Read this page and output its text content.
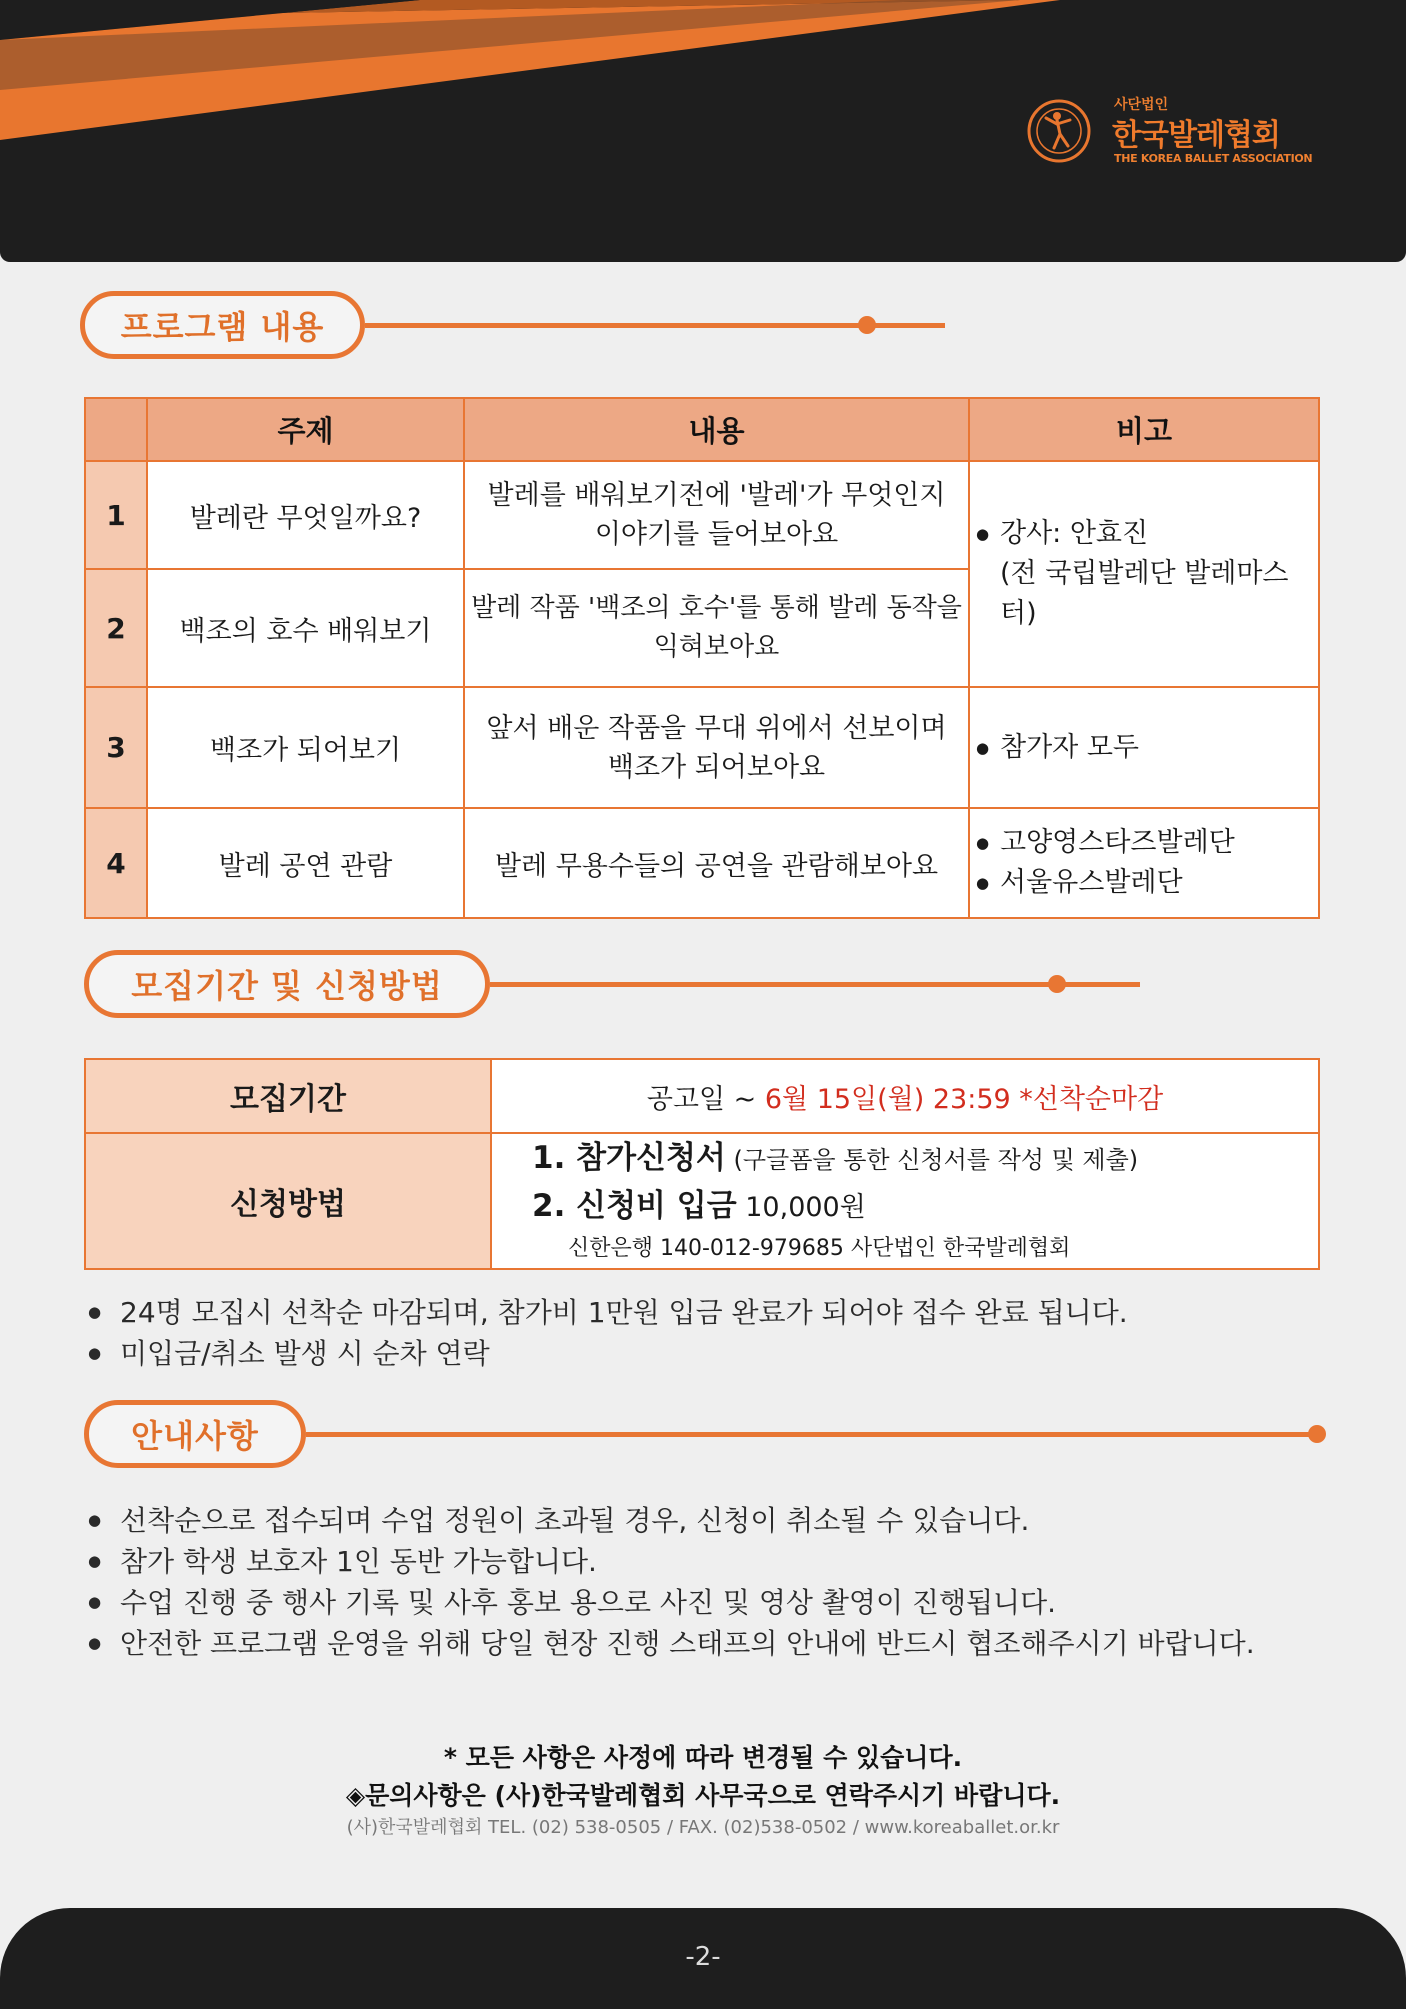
사단법인
한국발레협회
THE KOREA BALLET ASSOCIATION
프로그램 내용
	주제	내용	비고
1	발레란 무엇일까요?	발레를 배워보기전에 '발레'가 무엇인지
이야기를 들어보아요	● 강사: 안효진
(전 국립발레단 발레마스터)

2	백조의 호수 배워보기	발레 작품 '백조의 호수'를 통해 발레 동작을
익혀보아요	
3	백조가 되어보기	앞서 배운 작품을 무대 위에서 선보이며
백조가 되어보아요	● 참가자 모두

4	발레 공연 관람	발레 무용수들의 공연을 관람해보아요	● 고양영스타즈발레단
● 서울유스발레단
모집기간 및 신청방법
모집기간	공고일 ~ 6월 15일(월) 23:59 *선착순마감
신청방법	1. 참가신청서 (구글폼을 통한 신청서를 작성 및 제출)
2. 신청비 입금 10,000원
신한은행 140-012-979685 사단법인 한국발레협회
● 24명 모집시 선착순 마감되며, 참가비 1만원 입금 완료가 되어야 접수 완료 됩니다.
● 미입금/취소 발생 시 순차 연락
안내사항
● 선착순으로 접수되며 수업 정원이 초과될 경우, 신청이 취소될 수 있습니다.
● 참가 학생 보호자 1인 동반 가능합니다.
● 수업 진행 중 행사 기록 및 사후 홍보 용으로 사진 및 영상 촬영이 진행됩니다.
● 안전한 프로그램 운영을 위해 당일 현장 진행 스태프의 안내에 반드시 협조해주시기 바랍니다.
* 모든 사항은 사정에 따라 변경될 수 있습니다.
◈문의사항은 (사)한국발레협회 사무국으로 연락주시기 바랍니다.
(사)한국발레협회 TEL. (02) 538-0505 / FAX. (02)538-0502 / www.koreaballet.or.kr
-2-
